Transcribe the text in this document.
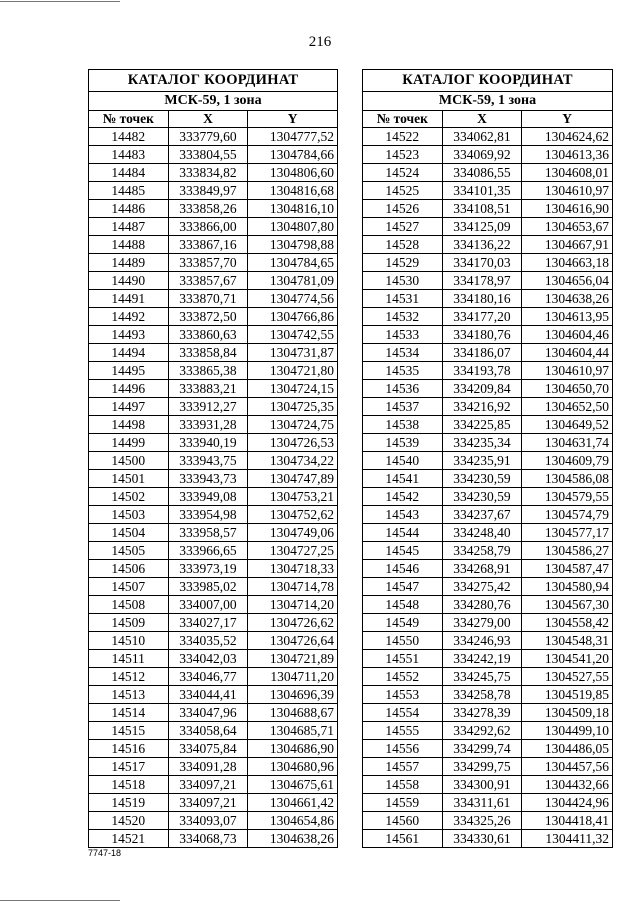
216
КАТАЛОГ КООРДИНАТ		
МСК-59, 1 зона		
№ точек	X	Y
14482	333779,60	1304777,52
14483	333804,55	1304784,66
14484	333834,82	1304806,60
14485	333849,97	1304816,68
14486	333858,26	1304816,10
14487	333866,00	1304807,80
14488	333867,16	1304798,88
14489	333857,70	1304784,65
14490	333857,67	1304781,09
14491	333870,71	1304774,56
14492	333872,50	1304766,86
14493	333860,63	1304742,55
14494	333858,84	1304731,87
14495	333865,38	1304721,80
14496	333883,21	1304724,15
14497	333912,27	1304725,35
14498	333931,28	1304724,75
14499	333940,19	1304726,53
14500	333943,75	1304734,22
14501	333943,73	1304747,89
14502	333949,08	1304753,21
14503	333954,98	1304752,62
14504	333958,57	1304749,06
14505	333966,65	1304727,25
14506	333973,19	1304718,33
14507	333985,02	1304714,78
14508	334007,00	1304714,20
14509	334027,17	1304726,62
14510	334035,52	1304726,64
14511	334042,03	1304721,89
14512	334046,77	1304711,20
14513	334044,41	1304696,39
14514	334047,96	1304688,67
14515	334058,64	1304685,71
14516	334075,84	1304686,90
14517	334091,28	1304680,96
14518	334097,21	1304675,61
14519	334097,21	1304661,42
14520	334093,07	1304654,86
14521	334068,73	1304638,26
КАТАЛОГ КООРДИНАТ		
МСК-59, 1 зона		
№ точек	X	Y
14522	334062,81	1304624,62
14523	334069,92	1304613,36
14524	334086,55	1304608,01
14525	334101,35	1304610,97
14526	334108,51	1304616,90
14527	334125,09	1304653,67
14528	334136,22	1304667,91
14529	334170,03	1304663,18
14530	334178,97	1304656,04
14531	334180,16	1304638,26
14532	334177,20	1304613,95
14533	334180,76	1304604,46
14534	334186,07	1304604,44
14535	334193,78	1304610,97
14536	334209,84	1304650,70
14537	334216,92	1304652,50
14538	334225,85	1304649,52
14539	334235,34	1304631,74
14540	334235,91	1304609,79
14541	334230,59	1304586,08
14542	334230,59	1304579,55
14543	334237,67	1304574,79
14544	334248,40	1304577,17
14545	334258,79	1304586,27
14546	334268,91	1304587,47
14547	334275,42	1304580,94
14548	334280,76	1304567,30
14549	334279,00	1304558,42
14550	334246,93	1304548,31
14551	334242,19	1304541,20
14552	334245,75	1304527,55
14553	334258,78	1304519,85
14554	334278,39	1304509,18
14555	334292,62	1304499,10
14556	334299,74	1304486,05
14557	334299,75	1304457,56
14558	334300,91	1304432,66
14559	334311,61	1304424,96
14560	334325,26	1304418,41
14561	334330,61	1304411,32
7747-18
